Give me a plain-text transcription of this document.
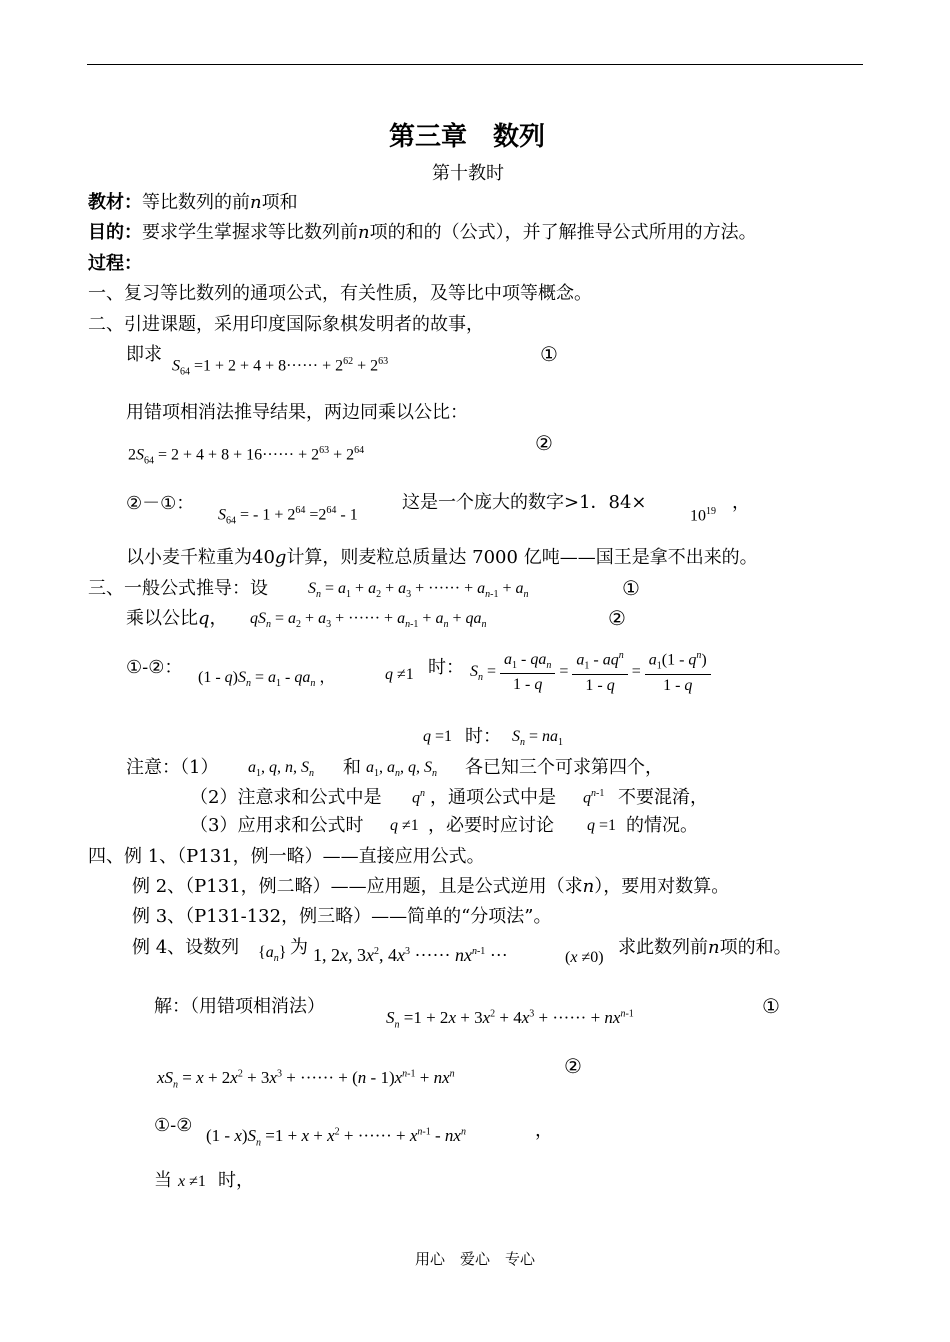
第三章　数列
第十教时
教材：等比数列的前n项和
目的：要求学生掌握求等比数列前n项的和的（公式），并了解推导公式所用的方法。
过程：
一、复习等比数列的通项公式，有关性质，及等比中项等概念。
二、引进课题，采用印度国际象棋发明者的故事，
即求
$S_{64} =1 + 2 + 4 + 8\cdot\cdot\cdot\cdot\cdot\cdot + 2^{62} + 2^{63}$	①
用错项相消法推导结果，两边同乘以公比：
$2S_{64} = 2 + 4 + 8 + 16\cdot\cdot\cdot\cdot\cdot\cdot + 2^{63} + 2^{64}$	②
②－①：
$S_{64}$ = - $1 + 2^{64} =2^{64} - 1$
这是一个庞大的数字>1．84×
$10^{19}$ ，
以小麦千粒重为40g计算，则麦粒总质量达 7000 亿吨——国王是拿不出来的。
三、一般公式推导：设	$S_n = a_1 + a_2 + a_3$ + ······ + $a_{n-1} + a_n$	①
乘以公比q， $qS_n = a_2 + a_3$ + ······ + $a_{n-1} + a_n + qa_n$	②
①-②： $(1 - q)S_n = a_1 - qa_n$ ，	q ≠1 时： $S_n = \frac{a_1 - qa_n}{1 - q} = \frac{a_1 - aq^n}{1 - q} = \frac{a_1(1 - q^n)}{1 - q}$
q =1 时： $S_n = na_1$
注意：（1） $a_1$, q, n, $S_n$ 和 $a_1$, $a_n$, q, $S_n$ 各已知三个可求第四个，
（2）注意求和公式中是 $q^n$ ，通项公式中是 $q^{n-1}$ 不要混淆，
（3）应用求和公式时 q ≠1 ，必要时应讨论 q =1 的情况。
四、例 1、（P131，例一略）——直接应用公式。
例 2、（P131，例二略）——应用题，且是公式逆用（求n），要用对数算。
例 3、（P131-132，例三略）——简单的“分项法”。
例 4、设数列 $\{a_n\}$ 为 1, 2x, $3x^2$, $4x^3$ ······ $nx^{n-1}$ ···	(x ≠0) 求此数列前n项的和。
解：（用错项相消法）
$S_n =1 + 2x + 3x^2 + 4x^3$ + ······ + $nx^{n-1}$	①
$xS_n = x + 2x^2 + 3x^3$ + ······ + $(n - 1)x^{n-1} + nx^n$	②
①-② $(1 - x)S_n =1 + x + x^2$ + ······ + $x^{n-1} - nx^n$	，
当 x ≠1 时，
用心　爱心　专心
